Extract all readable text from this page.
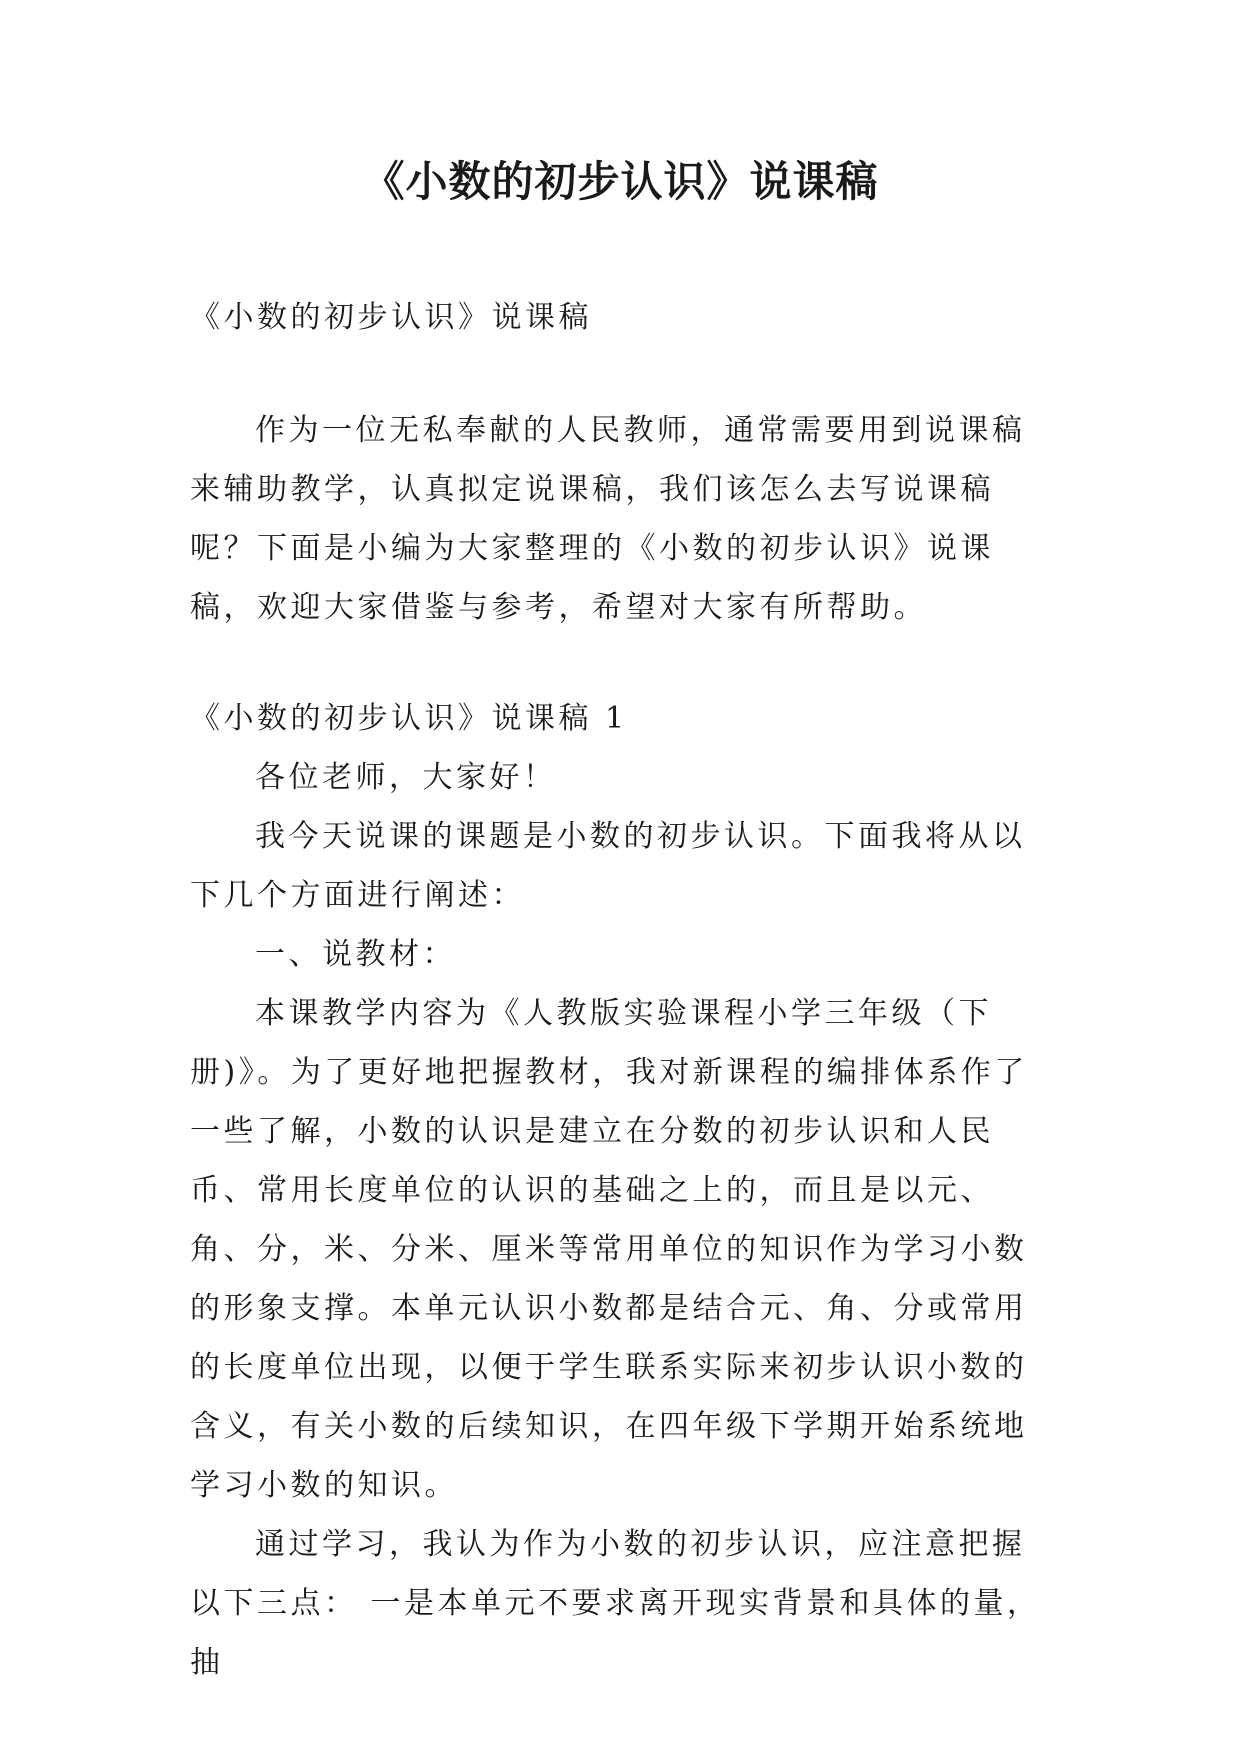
《小数的初步认识》说课稿
《小数的初步认识》说课稿

作为一位无私奉献的人民教师，通常需要用到说课稿来辅助教学，认真拟定说课稿，我们该怎么去写说课稿呢？下面是小编为大家整理的《小数的初步认识》说课稿，欢迎大家借鉴与参考，希望对大家有所帮助。

《小数的初步认识》说课稿 1

各位老师，大家好！

我今天说课的课题是小数的初步认识。下面我将从以下几个方面进行阐述：

一、说教材：

本课教学内容为《人教版实验课程小学三年级（下册)》。为了更好地把握教材，我对新课程的编排体系作了一些了解，小数的认识是建立在分数的初步认识和人民币、常用长度单位的认识的基础之上的，而且是以元、角、分，米、分米、厘米等常用单位的知识作为学习小数的形象支撑。本单元认识小数都是结合元、角、分或常用的长度单位出现，以便于学生联系实际来初步认识小数的含义，有关小数的后续知识，在四年级下学期开始系统地学习小数的知识。

通过学习，我认为作为小数的初步认识，应注意把握以下三点： 一是本单元不要求离开现实背景和具体的量，抽
